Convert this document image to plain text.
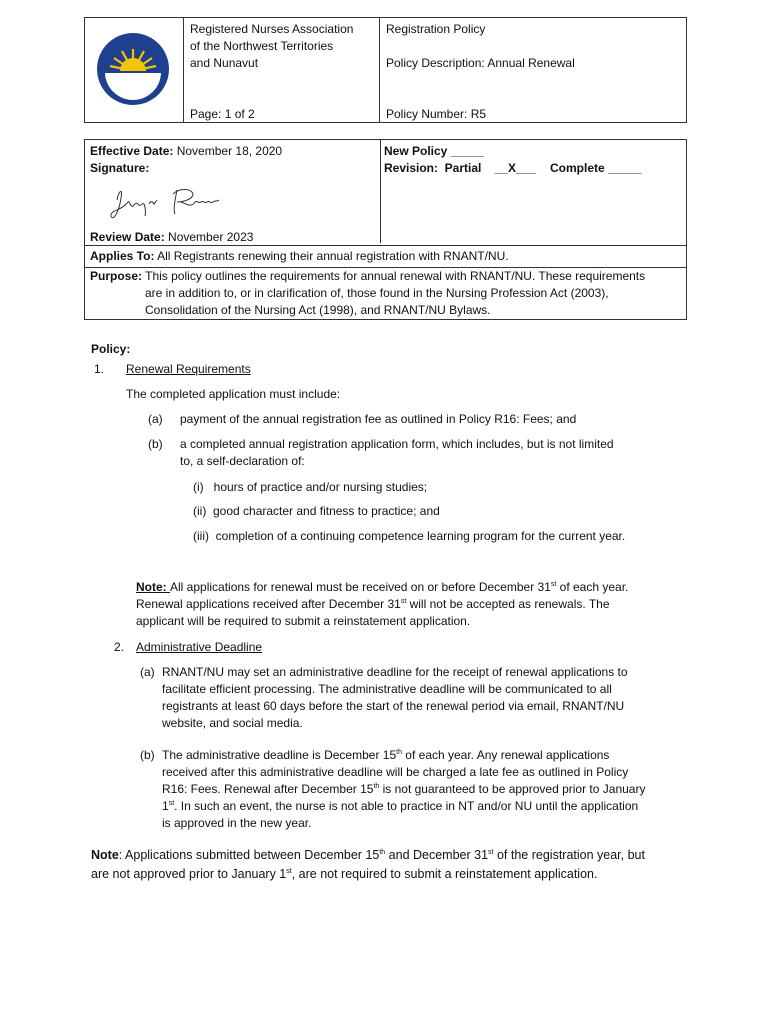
Registered Nurses Association
of the Northwest Territories
and Nunavut
Page: 1 of 2

Registration Policy
Policy Description: Annual Renewal
Policy Number: R5
Effective Date: November 18, 2020
Signature:
Review Date: November 2023
New Policy _____
Revision:  Partial    __X___ Complete _____
Applies To: All Registrants renewing their annual registration with RNANT/NU.
Purpose: This policy outlines the requirements for annual renewal with RNANT/NU. These requirements
are in addition to, or in clarification of, those found in the Nursing Profession Act (2003),
Consolidation of the Nursing Act (1998), and RNANT/NU Bylaws.
Policy:
1. Renewal Requirements
The completed application must include:
(a) payment of the annual registration fee as outlined in Policy R16: Fees; and
(b) a completed annual registration application form, which includes, but is not limited
to, a self-declaration of:
(i)   hours of practice and/or nursing studies;
(ii)  good character and fitness to practice; and
(iii)  completion of a continuing competence learning program for the current year.
Note: All applications for renewal must be received on or before December 31st of each year.
Renewal applications received after December 31st will not be accepted as renewals. The
applicant will be required to submit a reinstatement application.
2. Administrative Deadline
(a) RNANT/NU may set an administrative deadline for the receipt of renewal applications to
facilitate efficient processing. The administrative deadline will be communicated to all
registrants at least 60 days before the start of the renewal period via email, RNANT/NU
website, and social media.
(b) The administrative deadline is December 15th of each year. Any renewal applications
received after this administrative deadline will be charged a late fee as outlined in Policy
R16: Fees. Renewal after December 15th is not guaranteed to be approved prior to January
1st. In such an event, the nurse is not able to practice in NT and/or NU until the application
is approved in the new year.
Note: Applications submitted between December 15th and December 31st of the registration year, but
are not approved prior to January 1st, are not required to submit a reinstatement application.
